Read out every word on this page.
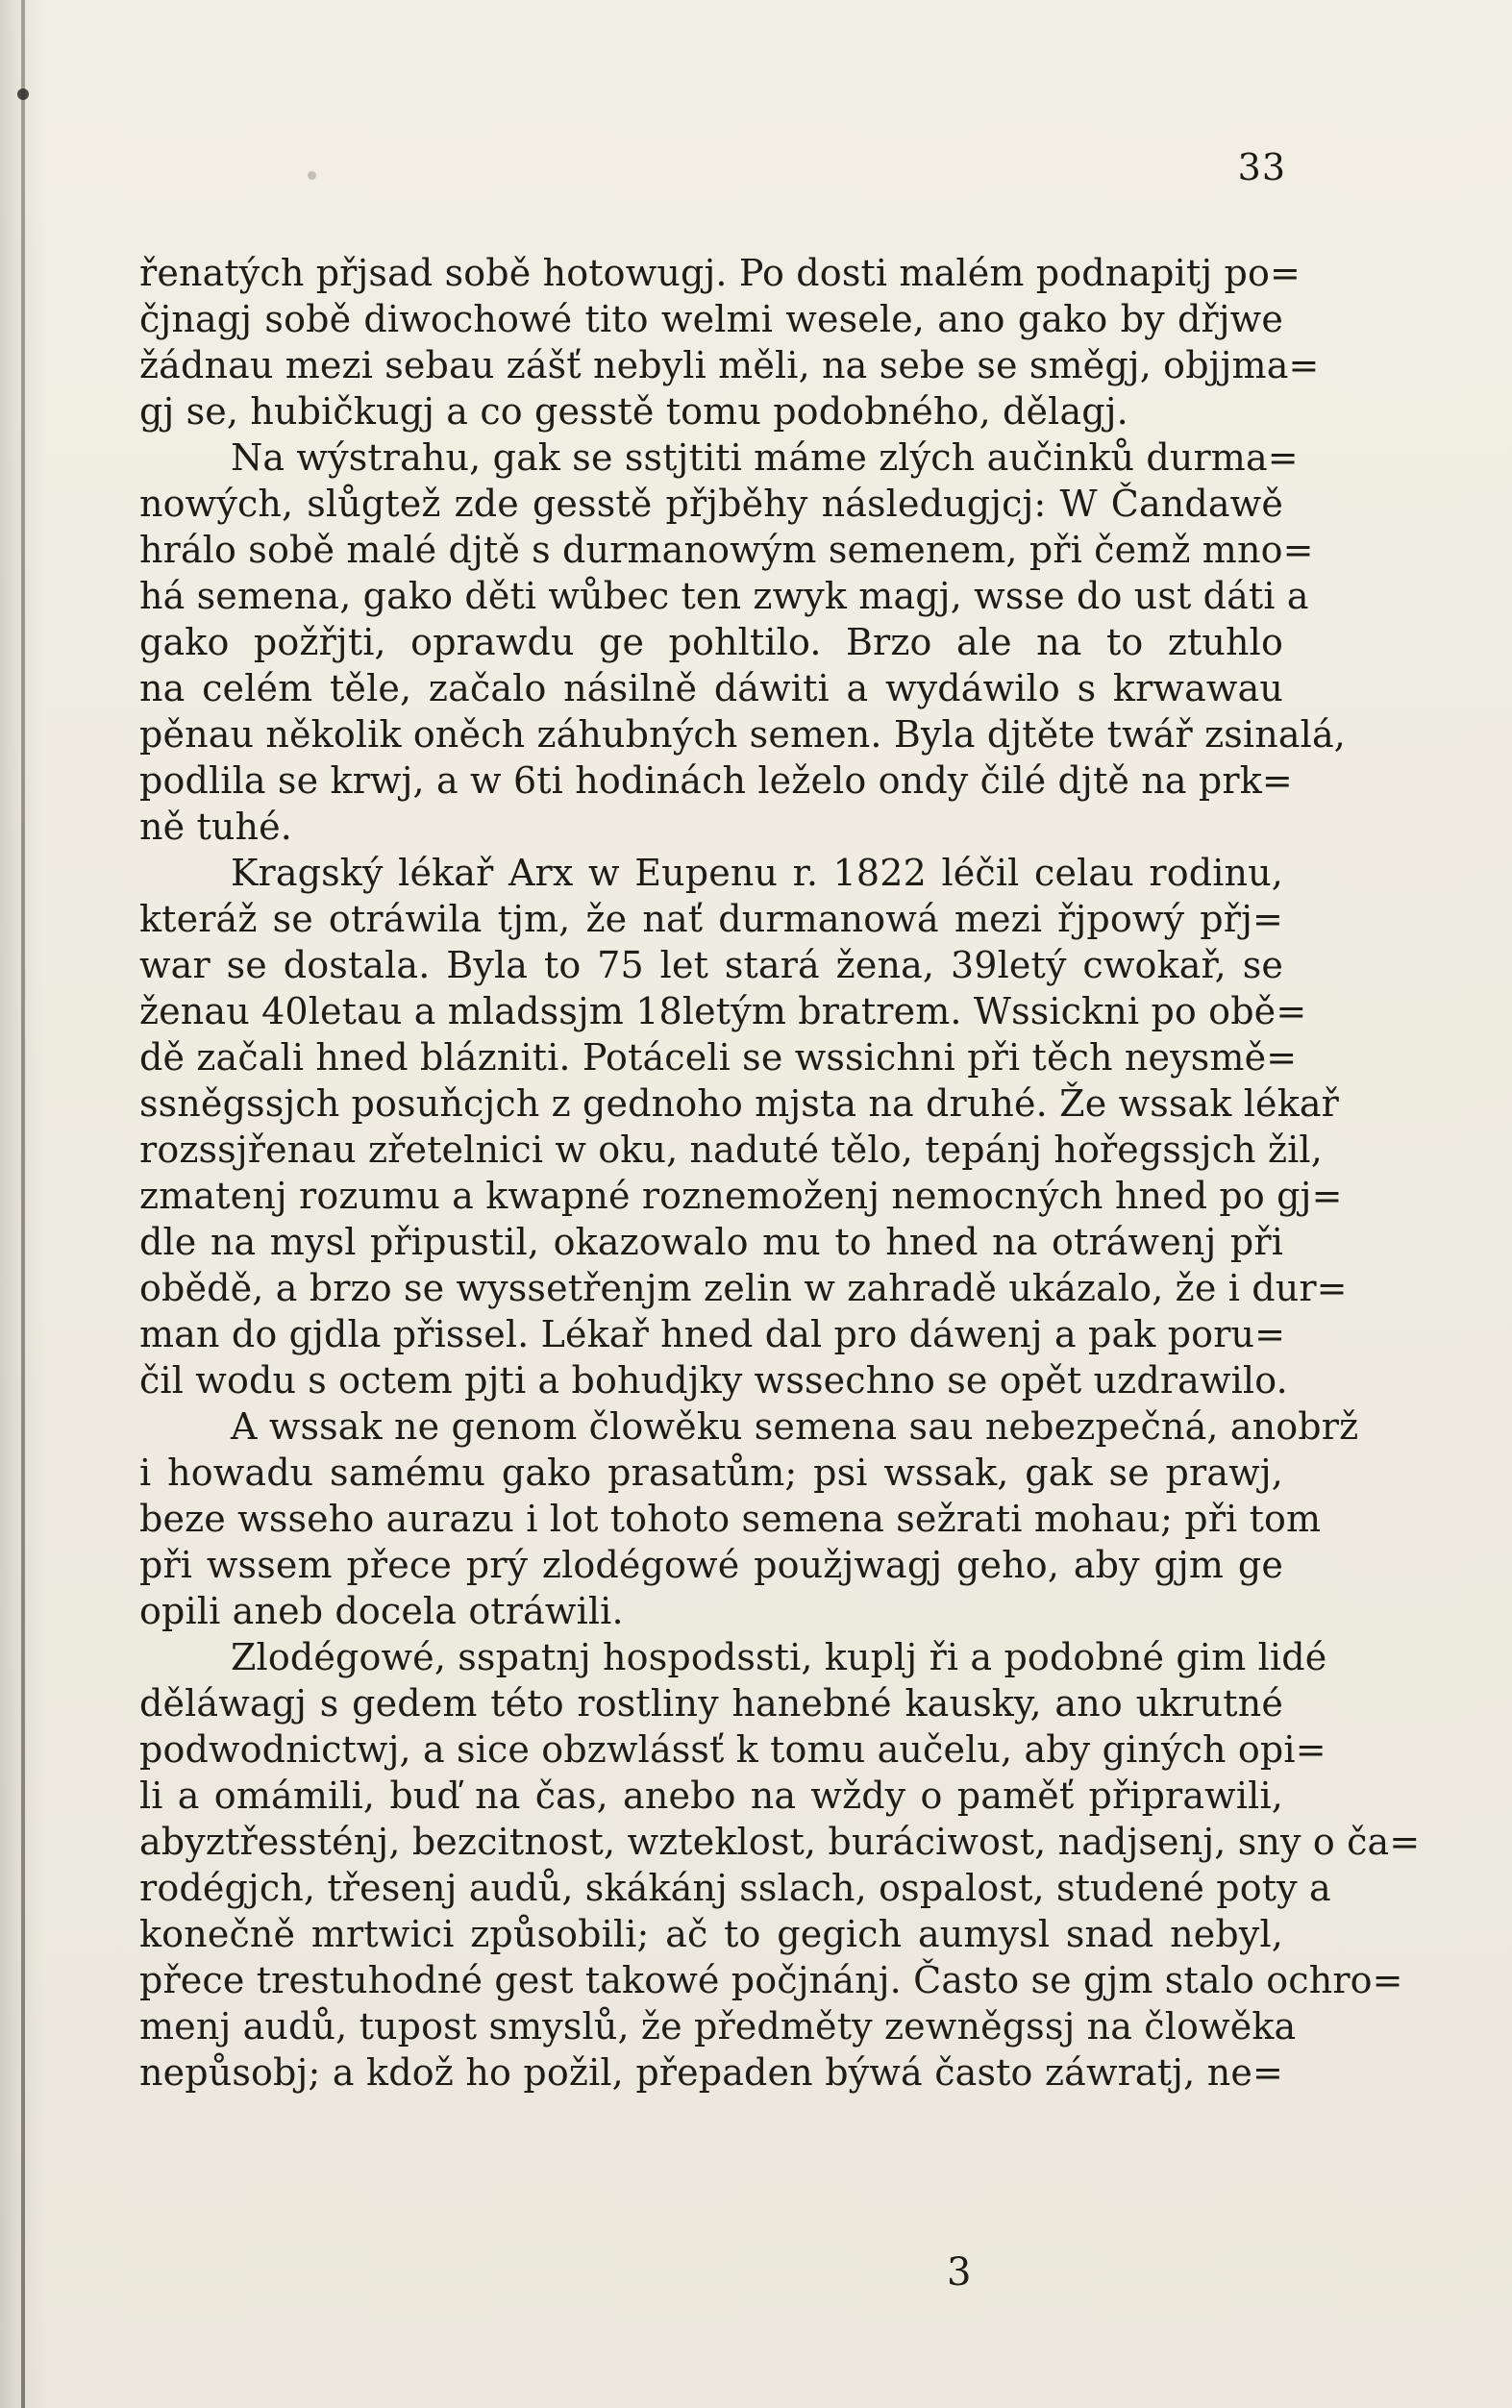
33
řenatých přjsad sobě hotowugj. Po dosti malém podnapitj po=
čjnagj sobě diwochowé tito welmi wesele, ano gako by dřjwe
žádnau mezi sebau zášť nebyli měli, na sebe se směgj, objjma=
gj se, hubičkugj a co gesstě tomu podobného, dělagj.
Na wýstrahu, gak se sstjtiti máme zlých aučinků durma=
nowých, slůgtež zde gesstě přjběhy následugjcj: W Čandawě
hrálo sobě malé djtě s durmanowým semenem, při čemž mno=
há semena, gako děti wůbec ten zwyk magj, wsse do ust dáti a
gako požřjti, oprawdu ge pohltilo. Brzo ale na to ztuhlo
na celém těle, začalo násilně dáwiti a wydáwilo s krwawau
pěnau několik oněch záhubných semen. Byla djtěte twář zsinalá,
podlila se krwj, a w 6ti hodinách leželo ondy čilé djtě na prk=
ně tuhé.
Kragský lékař Arx w Eupenu r. 1822 léčil celau rodinu,
kteráž se otráwila tjm, že nať durmanowá mezi řjpowý přj=
war se dostala. Byla to 75 let stará žena, 39letý cwokař, se
ženau 40letau a mladssjm 18letým bratrem. Wssickni po obě=
dě začali hned blázniti. Potáceli se wssichni při těch neysmě=
ssněgssjch posuňcjch z gednoho mjsta na druhé. Že wssak lékař
rozssjřenau zřetelnici w oku, naduté tělo, tepánj hořegssjch žil,
zmatenj rozumu a kwapné roznemoženj nemocných hned po gj=
dle na mysl připustil, okazowalo mu to hned na otráwenj při
obědě, a brzo se wyssetřenjm zelin w zahradě ukázalo, že i dur=
man do gjdla přissel. Lékař hned dal pro dáwenj a pak poru=
čil wodu s octem pjti a bohudjky wssechno se opět uzdrawilo.
A wssak ne genom člowěku semena sau nebezpečná, anobrž
i howadu samému gako prasatům; psi wssak, gak se prawj,
beze wsseho aurazu i lot tohoto semena sežrati mohau; při tom
při wssem přece prý zlodégowé použjwagj geho, aby gjm ge
opili aneb docela otráwili.
Zlodégowé, sspatnj hospodssti, kuplj ři a podobné gim lidé
děláwagj s gedem této rostliny hanebné kausky, ano ukrutné
podwodnictwj, a sice obzwlássť k tomu aučelu, aby giných opi=
li a omámili, buď na čas, anebo na wždy o paměť připrawili,
abyztřessténj, bezcitnost, wzteklost, buráciwost, nadjsenj, sny o ča=
rodégjch, třesenj audů, skákánj sslach, ospalost, studené poty a
konečně mrtwici způsobili; ač to gegich aumysl snad nebyl,
přece trestuhodné gest takowé počjnánj. Často se gjm stalo ochro=
menj audů, tupost smyslů, že předměty zewněgssj na člowěka
nepůsobj; a kdož ho požil, přepaden býwá často záwratj, ne=
3
